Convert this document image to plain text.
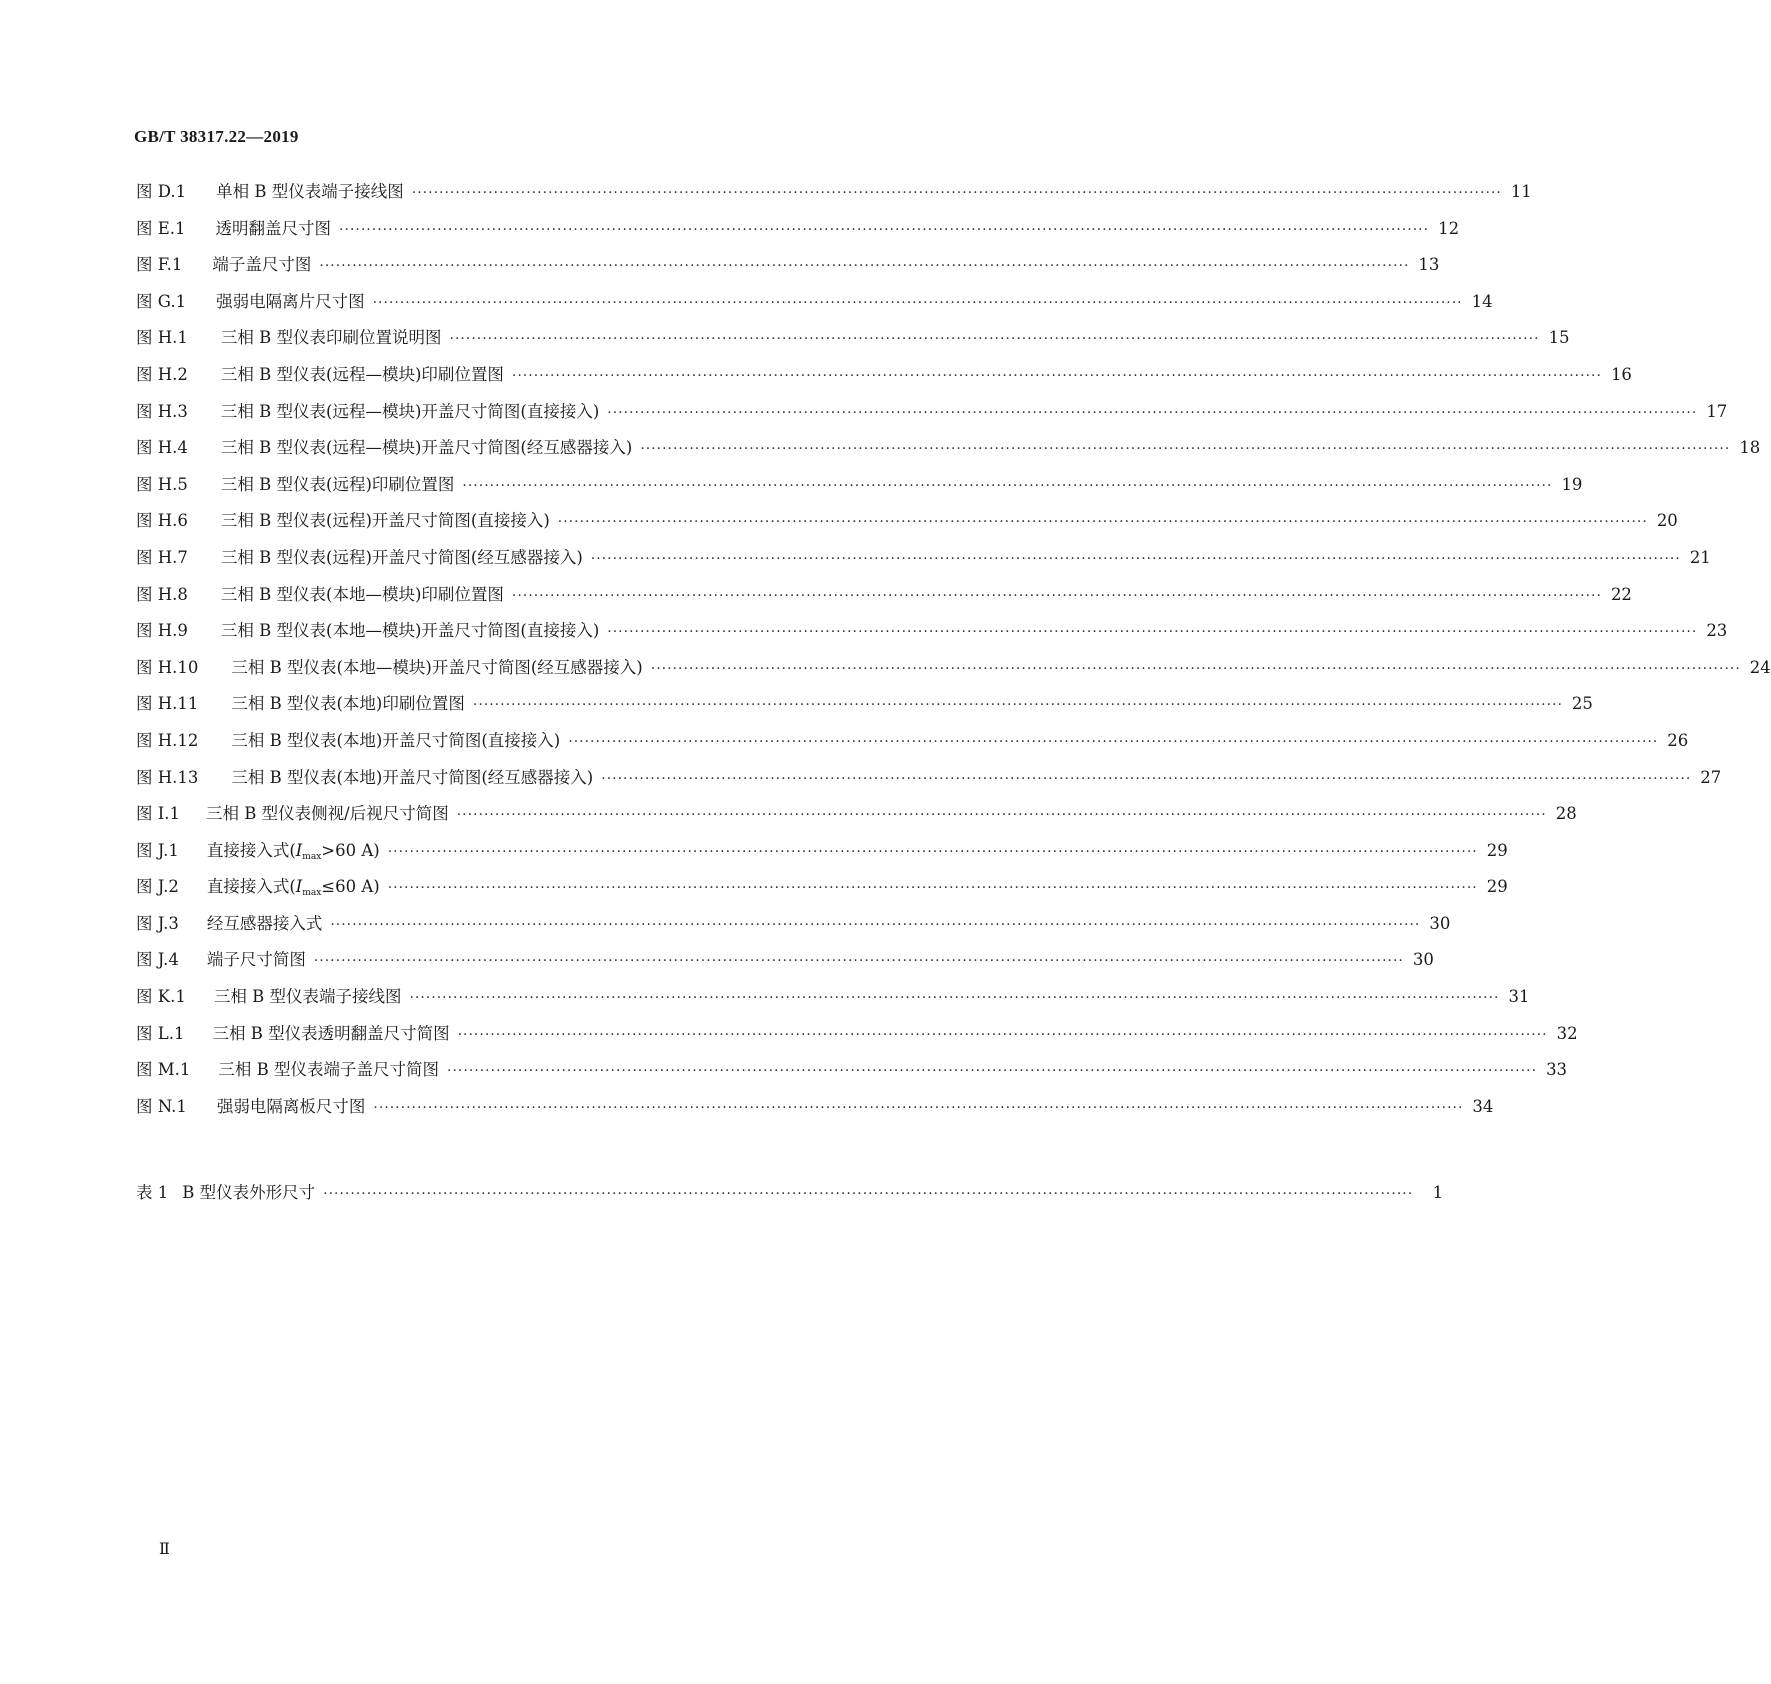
GB/T 38317.22—2019
图 D.1 单相 B 型仪表端子接线图 ········································································································································································································ 11
图 E.1 透明翻盖尺寸图 ········································································································································································································ 12
图 F.1 端子盖尺寸图 ········································································································································································································ 13
图 G.1 强弱电隔离片尺寸图 ········································································································································································································ 14
图 H.1 三相 B 型仪表印刷位置说明图 ········································································································································································································ 15
图 H.2 三相 B 型仪表(远程—模块)印刷位置图 ········································································································································································································ 16
图 H.3 三相 B 型仪表(远程—模块)开盖尺寸简图(直接接入) ········································································································································································································ 17
图 H.4 三相 B 型仪表(远程—模块)开盖尺寸简图(经互感器接入) ········································································································································································································ 18
图 H.5 三相 B 型仪表(远程)印刷位置图 ········································································································································································································ 19
图 H.6 三相 B 型仪表(远程)开盖尺寸简图(直接接入) ········································································································································································································ 20
图 H.7 三相 B 型仪表(远程)开盖尺寸简图(经互感器接入) ········································································································································································································ 21
图 H.8 三相 B 型仪表(本地—模块)印刷位置图 ········································································································································································································ 22
图 H.9 三相 B 型仪表(本地—模块)开盖尺寸简图(直接接入) ········································································································································································································ 23
图 H.10 三相 B 型仪表(本地—模块)开盖尺寸简图(经互感器接入) ········································································································································································································ 24
图 H.11 三相 B 型仪表(本地)印刷位置图 ········································································································································································································ 25
图 H.12 三相 B 型仪表(本地)开盖尺寸简图(直接接入) ········································································································································································································ 26
图 H.13 三相 B 型仪表(本地)开盖尺寸简图(经互感器接入) ········································································································································································································ 27
图 I.1 三相 B 型仪表侧视/后视尺寸简图 ········································································································································································································ 28
图 J.1 直接接入式($I_{max}>60$ A) ········································································································································································································ 29
图 J.2 直接接入式($I_{max}\le 60$ A) ········································································································································································································ 29
图 J.3 经互感器接入式 ········································································································································································································ 30
图 J.4 端子尺寸简图 ········································································································································································································ 30
图 K.1 三相 B 型仪表端子接线图 ········································································································································································································ 31
图 L.1 三相 B 型仪表透明翻盖尺寸简图 ········································································································································································································ 32
图 M.1 三相 B 型仪表端子盖尺寸简图 ········································································································································································································ 33
图 N.1 强弱电隔离板尺寸图 ········································································································································································································ 34
表 1 B 型仪表外形尺寸 ········································································································································································································	1
Ⅱ
